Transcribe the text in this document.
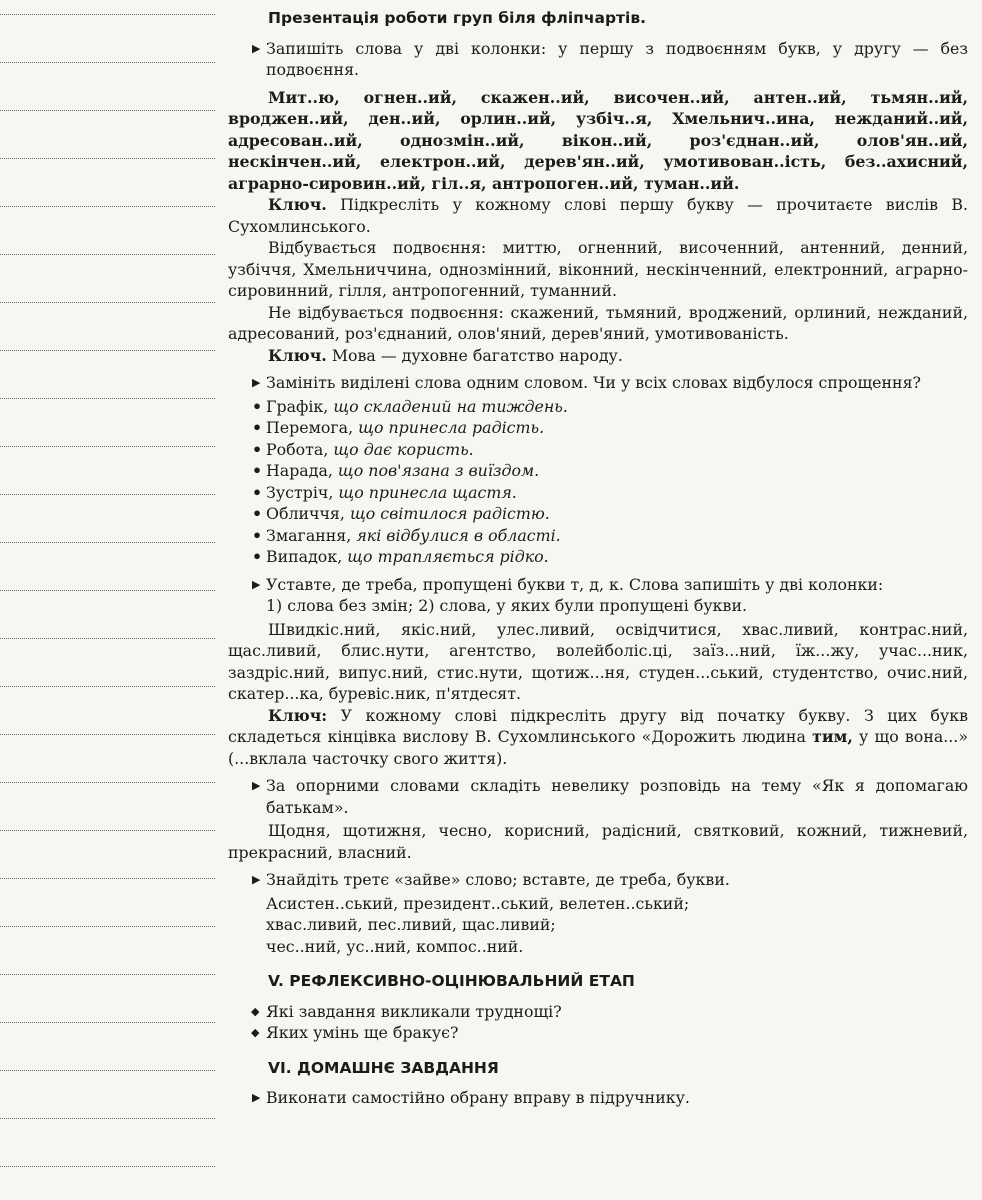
Презентація роботи груп біля фліпчартів.
▶ Запишіть слова у дві колонки: у першу з подвоєнням букв, у другу — без подвоєння.

Мит..ю, огнен..ий, скажен..ий, височен..ий, антен..ий, тьмян..ий, вроджен..ий, ден..ий, орлин..ий, узбіч..я, Хмельнич..ина, нежданий..ий, адресован..ий, однозмін..ий, вікон..ий, роз'єднан..ий, олов'ян..ий, нескінчен..ий, електрон..ий, дерев'ян..ий, умотивован..ість, без..ахисний, аграрно-сировин..ий, гіл..я, антропоген..ий, туман..ий.

Ключ. Підкресліть у кожному слові першу букву — прочитаєте вислів В. Сухомлинського.

Відбувається подвоєння: миттю, огненний, височенний, антенний, денний, узбіччя, Хмельниччина, однозмінний, віконний, нескінченний, електронний, аграрно-сировинний, гілля, антропогенний, туманний.

Не відбувається подвоєння: скажений, тьмяний, вроджений, орлиний, нежданий, адресований, роз'єднаний, олов'яний, дерев'яний, умотивованість.

Ключ. Мова — духовне багатство народу.

▶ Замініть виділені слова одним словом. Чи у всіх словах відбулося спрощення?

• Графік, що складений на тиждень.

• Перемога, що принесла радість.

• Робота, що дає користь.

• Нарада, що пов'язана з виїздом.

• Зустріч, що принесла щастя.

• Обличчя, що світилося радістю.

• Змагання, які відбулися в області.

• Випадок, що трапляється рідко.

▶ Уставте, де треба, пропущені букви т, д, к. Слова запишіть у дві колонки:
1) слова без змін; 2) слова, у яких були пропущені букви.

Швидкіс.ний, якіс.ний, улес.ливий, освідчитися, хвас.ливий, контрас.ний, щас.ливий, блис.нути, агентство, волейболіс.ці, заїз...ний, їж...жу, учас...ник, заздріс.ний, випус.ний, стис.нути, щотиж...ня, студен...ський, студентство, очис.ний, скатер...ка, буревіс.ник, п'ятдесят.

Ключ: У кожному слові підкресліть другу від початку букву. З цих букв складеться кінцівка вислову В. Сухомлинського «Дорожить людина тим, у що вона...» (...вклала часточку свого життя).

▶ За опорними словами складіть невелику розповідь на тему «Як я допомагаю батькам».

Щодня, щотижня, чесно, корисний, радісний, святковий, кожний, тижневий, прекрасний, власний.

▶ Знайдіть третє «зайве» слово; вставте, де треба, букви.

Асистен..ський, президент..ський, велетен..ський;

хвас.ливий, пес.ливий, щас.ливий;

чес..ний, ус..ний, компос..ний.

V. РЕФЛЕКСИВНО-ОЦІНЮВАЛЬНИЙ ЕТАП

◆ Які завдання викликали труднощі?

◆ Яких умінь ще бракує?

VI. ДОМАШНЄ ЗАВДАННЯ
▶ Виконати самостійно обрану вправу в підручнику.
